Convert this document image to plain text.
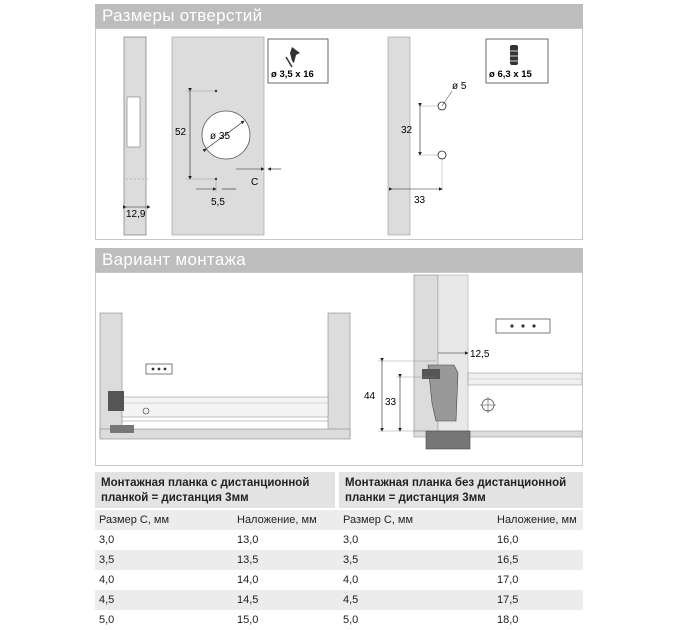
Размеры отверстий
12,9
ø 35
52
5,5
C
ø 3,5 x 16
ø 5
32
33
ø 6,3 x 15
Вариант монтажа
12,5
44
33
Монтажная планка с дистанционной
планкой = дистанция 3мм
Монтажная планка без дистанционной
планки = дистанция 3мм
Размер С, мм	Наложение, мм	Размер С, мм	Наложение, мм
3,0	13,0	3,0	16,0
3,5	13,5	3,5	16,5
4,0	14,0	4,0	17,0
4,5	14,5	4,5	17,5
5,0	15,0	5,0	18,0
